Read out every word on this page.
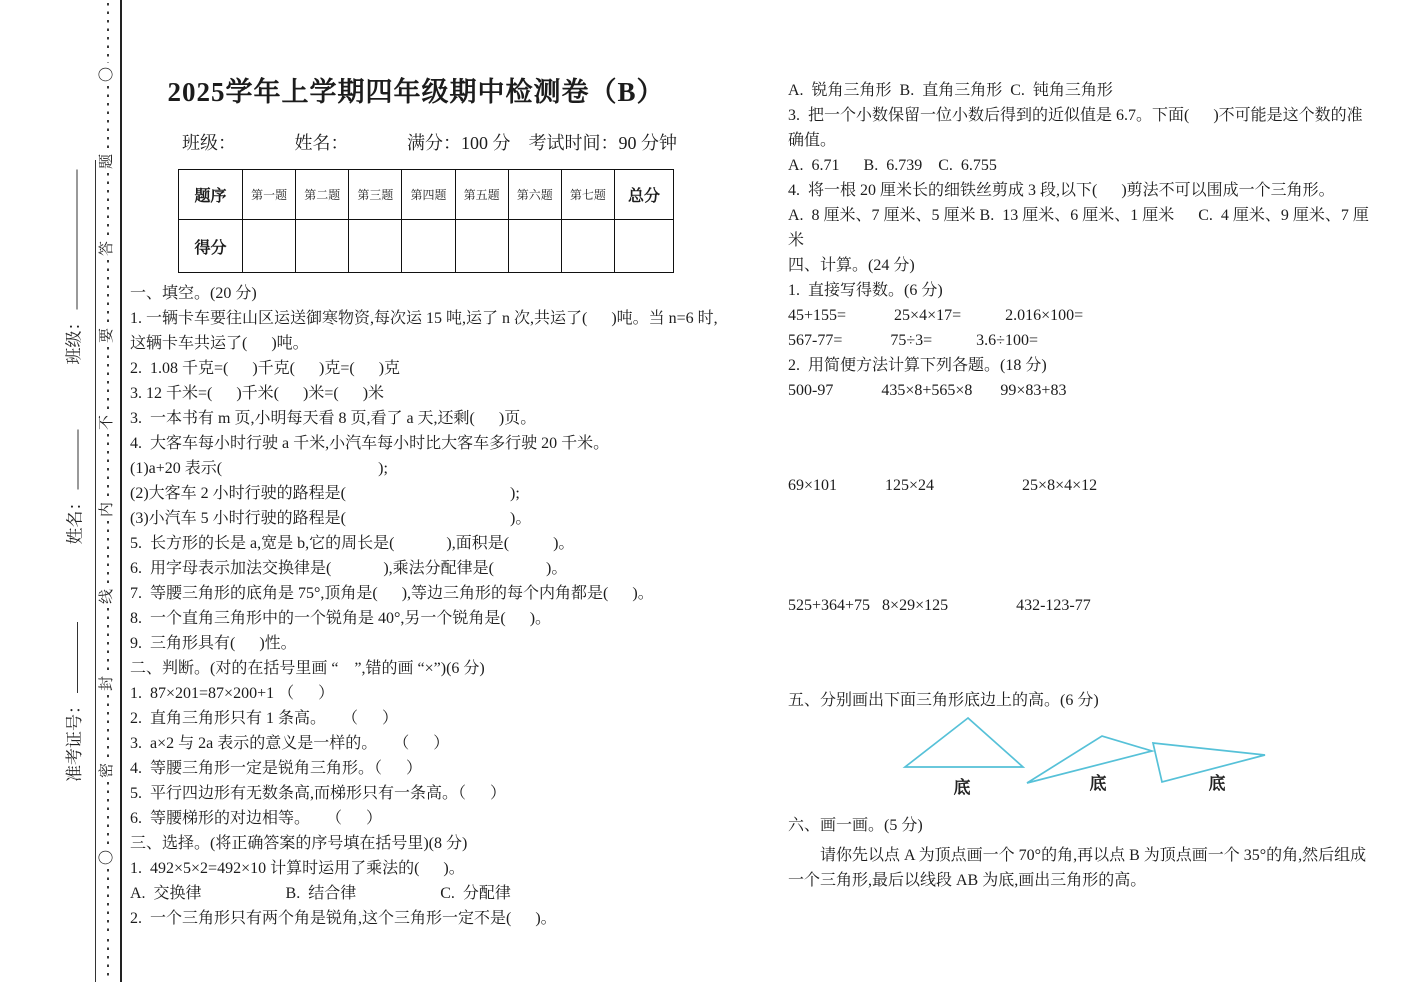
班级：
姓名：
准考证号：
〇
题
答
要
不
内
线
封
密
〇
2025学年上学期四年级期中检测卷（B）
班级：             姓名：             满分：100 分    考试时间：90 分钟
题序 第一题 第二题 第三题 第四题 第五题 第六题 第七题 总分
得分
一、填空。(20 分)
1. 一辆卡车要往山区运送御寒物资,每次运 15 吨,运了 n 次,共运了(      )吨。当 n=6 时,
这辆卡车共运了(      )吨。
2.  1.08 千克=(      )千克(      )克=(      )克
3. 12 千米=(      )千米(      )米=(      )米
3.  一本书有 m 页,小明每天看 8 页,看了 a 天,还剩(      )页。
4.  大客车每小时行驶 a 千米,小汽车每小时比大客车多行驶 20 千米。
(1)a+20 表示(                                       );
(2)大客车 2 小时行驶的路程是(                                         );
(3)小汽车 5 小时行驶的路程是(                                         )。
5.  长方形的长是 a,宽是 b,它的周长是(             ),面积是(           )。
6.  用字母表示加法交换律是(             ),乘法分配律是(             )。
7.  等腰三角形的底角是 75°,顶角是(      ),等边三角形的每个内角都是(      )。
8.  一个直角三角形中的一个锐角是 40°,另一个锐角是(      )。
9.  三角形具有(      )性。
二、判断。(对的在括号里画 “　”,错的画 “×”)(6 分)
1.  87×201=87×200+1 （      ）
2.  直角三角形只有 1 条高。    （      ）
3.  a×2 与 2a 表示的意义是一样的。    （      ）
4.  等腰三角形一定是锐角三角形。（      ）
5.  平行四边形有无数条高,而梯形只有一条高。（      ）
6.  等腰梯形的对边相等。    （      ）
三、选择。(将正确答案的序号填在括号里)(8 分)
1.  492×5×2=492×10 计算时运用了乘法的(      )。
A.  交换律                     B.  结合律                     C.  分配律
2.  一个三角形只有两个角是锐角,这个三角形一定不是(      )。
A.  锐角三角形  B.  直角三角形  C.  钝角三角形
3.  把一个小数保留一位小数后得到的近似值是 6.7。下面(      )不可能是这个数的准
确值。
A.  6.71      B.  6.739    C.  6.755
4.  将一根 20 厘米长的细铁丝剪成 3 段,以下(      )剪法不可以围成一个三角形。
A.  8 厘米、7 厘米、5 厘米 B.  13 厘米、6 厘米、1 厘米      C.  4 厘米、9 厘米、7 厘
米
四、计算。(24 分)
1.  直接写得数。(6 分)
45+155=            25×4×17=           2.016×100=
567-77=            75÷3=           3.6÷100=
2.  用简便方法计算下列各题。(18 分)
500-97            435×8+565×8       99×83+83
69×101            125×24                      25×8×4×12
525+364+75   8×29×125                 432-123-77
五、分别画出下面三角形底边上的高。(6 分)
底	底	底
六、画一画。(5 分)
请你先以点 A 为顶点画一个 70°的角,再以点 B 为顶点画一个 35°的角,然后组成
一个三角形,最后以线段 AB 为底,画出三角形的高。
